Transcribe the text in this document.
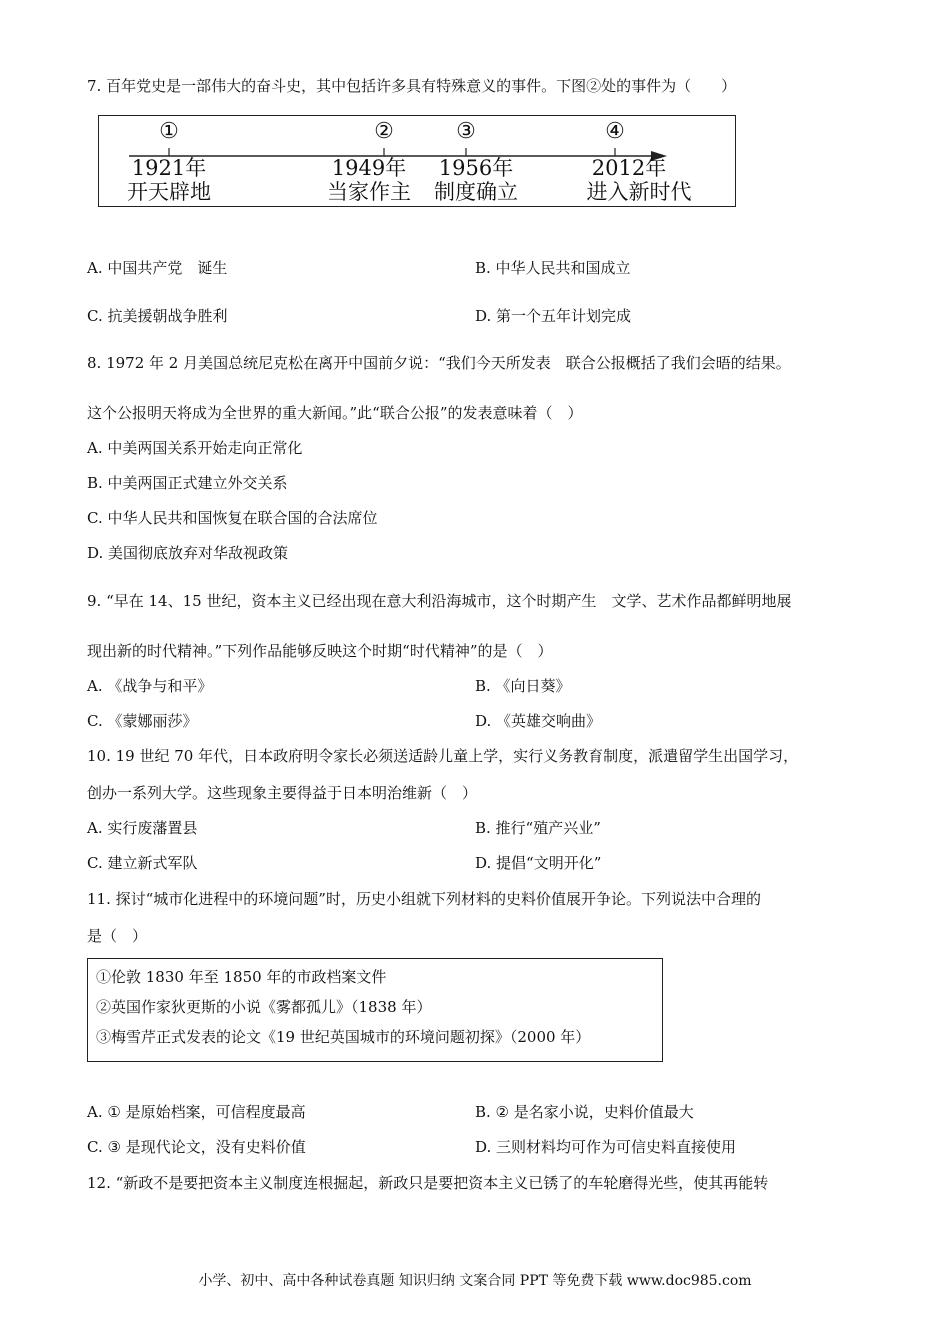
7. 百年党史是一部伟大的奋斗史，其中包括许多具有特殊意义的事件。下图②处的事件为（　　）
①	②	③	④
1921年	1949年 1956年	2012年
开天辟地	当家作主 制度确立	进入新时代
A. 中国共产党　诞生	B. 中华人民共和国成立
C. 抗美援朝战争胜利	D. 第一个五年计划完成
8. 1972 年 2 月美国总统尼克松在离开中国前夕说：“我们今天所发表　联合公报概括了我们会晤的结果。
这个公报明天将成为全世界的重大新闻。”此“联合公报”的发表意味着（　）
A. 中美两国关系开始走向正常化
B. 中美两国正式建立外交关系
C. 中华人民共和国恢复在联合国的合法席位
D. 美国彻底放弃对华敌视政策
9. “早在 14、15 世纪，资本主义已经出现在意大利沿海城市，这个时期产生　文学、艺术作品都鲜明地展
现出新的时代精神。”下列作品能够反映这个时期“时代精神”的是（　）
A. 《战争与和平》	B. 《向日葵》
C. 《蒙娜丽莎》	D. 《英雄交响曲》
10. 19 世纪 70 年代，日本政府明令家长必须送适龄儿童上学，实行义务教育制度，派遣留学生出国学习，
创办一系列大学。这些现象主要得益于日本明治维新（　）
A. 实行废藩置县	B. 推行“殖产兴业”
C. 建立新式军队	D. 提倡“文明开化”
11. 探讨“城市化进程中的环境问题”时，历史小组就下列材料的史料价值展开争论。下列说法中合理的
是（　）
①伦敦 1830 年至 1850 年的市政档案文件
②英国作家狄更斯的小说《雾都孤儿》（1838 年）
③梅雪芹正式发表的论文《19 世纪英国城市的环境问题初探》（2000 年）
A. ① 是原始档案，可信程度最高	B. ② 是名家小说，史料价值最大
C. ③ 是现代论文，没有史料价值	D. 三则材料均可作为可信史料直接使用
12. “新政不是要把资本主义制度连根掘起，新政只是要把资本主义已锈了的车轮磨得光些，使其再能转
小学、初中、高中各种试卷真题 知识归纳 文案合同 PPT 等免费下载 www.doc985.com
